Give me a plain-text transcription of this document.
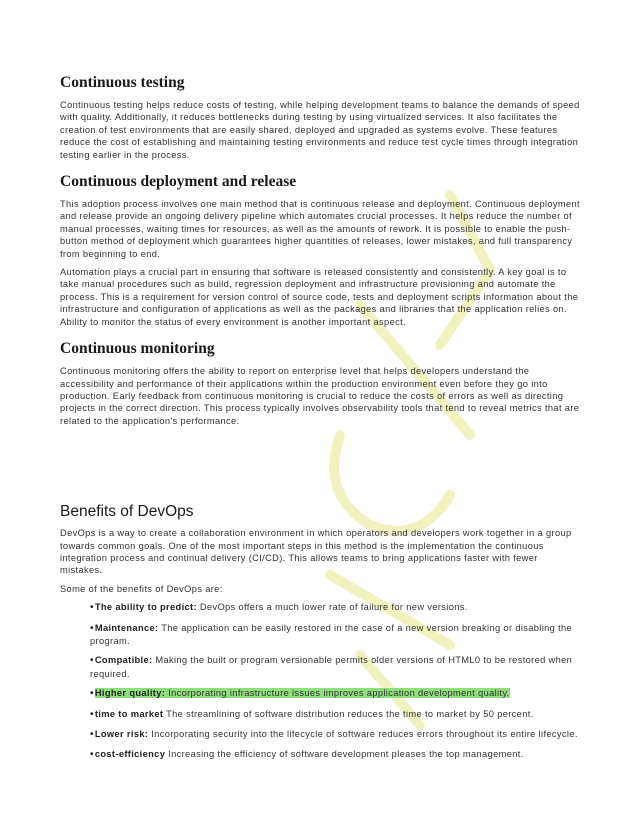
Continuous testing

Continuous testing helps reduce costs of testing, while helping development teams to balance the demands of speed with quality. Additionally, it reduces bottlenecks during testing by using virtualized services. It also facilitates the creation of test environments that are easily shared, deployed and upgraded as systems evolve. These features reduce the cost of establishing and maintaining testing environments and reduce test cycle times through integration testing earlier in the process.

Continuous deployment and release

This adoption process involves one main method that is continuous release and deployment. Continuous deployment and release provide an ongoing delivery pipeline which automates crucial processes. It helps reduce the number of manual processes, waiting times for resources, as well as the amounts of rework. It is possible to enable the push-button method of deployment which guarantees higher quantities of releases, lower mistakes, and full transparency from beginning to end.

Automation plays a crucial part in ensuring that software is released consistently and consistently. A key goal is to take manual procedures such as build, regression deployment and infrastructure provisioning and automate the process. This is a requirement for version control of source code, tests and deployment scripts information about the infrastructure and configuration of applications as well as the packages and libraries that the application relies on. Ability to monitor the status of every environment is another important aspect.

Continuous monitoring

Continuous monitoring offers the ability to report on enterprise level that helps developers understand the accessibility and performance of their applications within the production environment even before they go into production. Early feedback from continuous monitoring is crucial to reduce the costs of errors as well as directing projects in the correct direction. This process typically involves observability tools that tend to reveal metrics that are related to the application's performance.

Benefits of DevOps

DevOps is a way to create a collaboration environment in which operators and developers work together in a group towards common goals. One of the most important steps in this method is the implementation the continuous integration process and continual delivery (CI/CD). This allows teams to bring applications faster with fewer mistakes.

Some of the benefits of DevOps are:

•The ability to predict: DevOps offers a much lower rate of failure for new versions.
•Maintenance: The application can be easily restored in the case of a new version breaking or disabling the program.
•Compatible: Making the built or program versionable permits older versions of HTML0 to be restored when required.
•Higher quality: Incorporating infrastructure issues improves application development quality.
•time to market The streamlining of software distribution reduces the time to market by 50 percent.
•Lower risk: Incorporating security into the lifecycle of software reduces errors throughout its entire lifecycle.
•cost-efficiency Increasing the efficiency of software development pleases the top management.
